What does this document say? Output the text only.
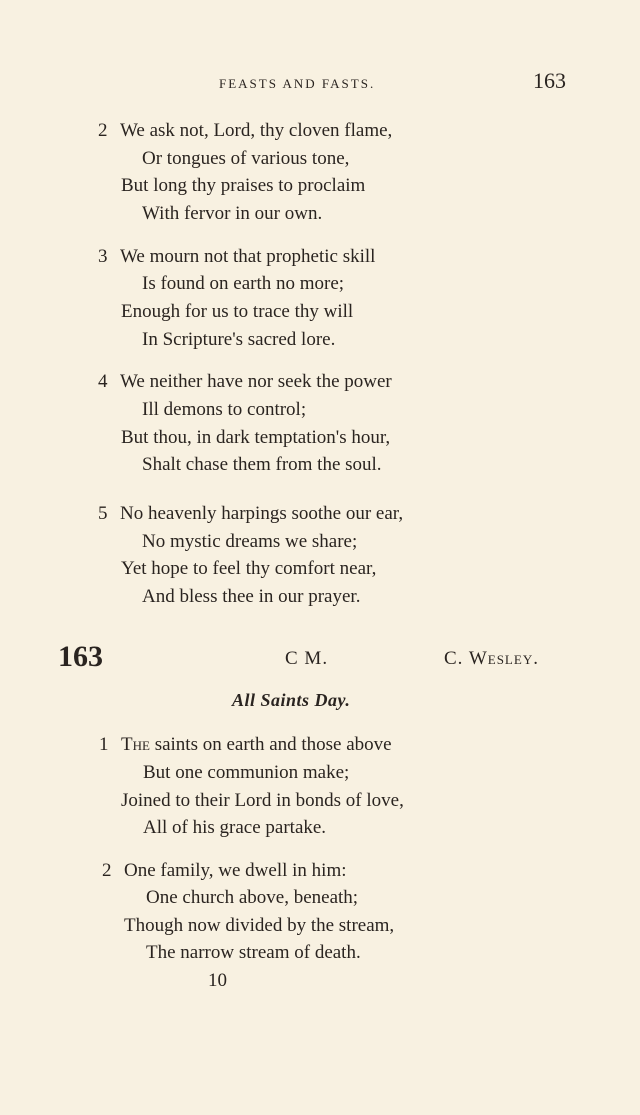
FEASTS AND FASTS.	163
2 We ask not, Lord, thy cloven flame,
Or tongues of various tone,
But long thy praises to proclaim
With fervor in our own.
3 We mourn not that prophetic skill
Is found on earth no more;
Enough for us to trace thy will
In Scripture's sacred lore.
4 We neither have nor seek the power
Ill demons to control;
But thou, in dark temptation's hour,
Shalt chase them from the soul.
5 No heavenly harpings soothe our ear,
No mystic dreams we share;
Yet hope to feel thy comfort near,
And bless thee in our prayer.
163	C M.	C. Wesley.
All Saints Day.
1 The saints on earth and those above
But one communion make;
Joined to their Lord in bonds of love,
All of his grace partake.
2 One family, we dwell in him:
One church above, beneath;
Though now divided by the stream,
The narrow stream of death.
10
